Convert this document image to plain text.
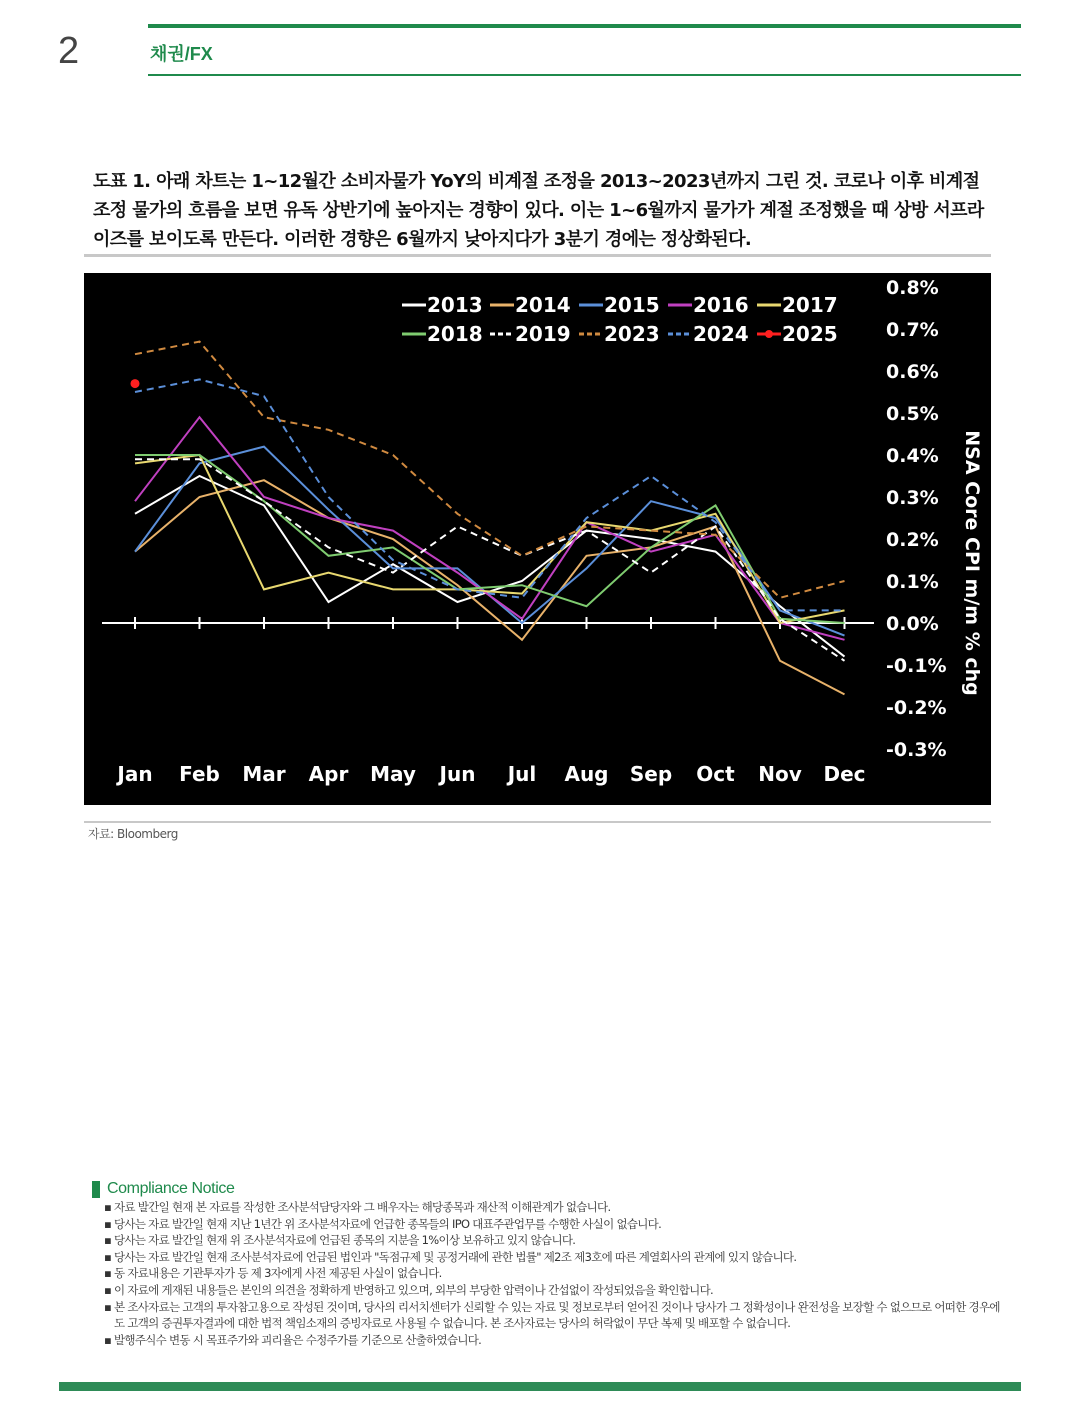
2	채권/FX
도표 1. 아래 차트는 1~12월간 소비자물가 YoY의 비계절 조정을 2013~2023년까지 그린 것. 코로나 이후 비계절 조정 물가의 흐름을 보면 유독 상반기에 높아지는 경향이 있다. 이는 1~6월까지 물가가 계절 조정했을 때 상방 서프라이즈를 보이도록 만든다. 이러한 경향은 6월까지 낮아지다가 3분기 경에는 정상화된다.
0.8%
0.7%
0.6%
0.5%
0.4%
0.3%
0.2%
0.1%
0.0%
-0.1%
-0.2%
-0.3%
Jan Feb Mar Apr May Jun Jul Aug Sep Oct Nov Dec
NSA Core CPI m/m % chg
2013 2014 2015 2016 2017
2018 2019 2023 2024 2025
자료: Bloomberg
Compliance Notice
▪ 자료 발간일 현재 본 자료를 작성한 조사분석담당자와 그 배우자는 해당종목과 재산적 이해관계가 없습니다.
▪ 당사는 자료 발간일 현재 지난 1년간 위 조사분석자료에 언급한 종목들의 IPO 대표주관업무를 수행한 사실이 없습니다.
▪ 당사는 자료 발간일 현재 위 조사분석자료에 언급된 종목의 지분을 1%이상 보유하고 있지 않습니다.
▪ 당사는 자료 발간일 현재 조사분석자료에 언급된 법인과 "독점규제 및 공정거래에 관한 법률" 제2조 제3호에 따른 계열회사의 관계에 있지 않습니다.
▪ 동 자료내용은 기관투자가 등 제 3자에게 사전 제공된 사실이 없습니다.
▪ 이 자료에 게재된 내용들은 본인의 의견을 정확하게 반영하고 있으며, 외부의 부당한 압력이나 간섭없이 작성되었음을 확인합니다.
▪ 본 조사자료는 고객의 투자참고용으로 작성된 것이며, 당사의 리서치센터가 신뢰할 수 있는 자료 및 정보로부터 얻어진 것이나 당사가 그 정확성이나 완전성을 보장할 수 없으므로 어떠한 경우에도 고객의 증권투자결과에 대한 법적 책임소재의 증빙자료로 사용될 수 없습니다. 본 조사자료는 당사의 허락없이 무단 복제 및 배포할 수 없습니다.
▪ 발행주식수 변동 시 목표주가와 괴리율은 수정주가를 기준으로 산출하였습니다.
